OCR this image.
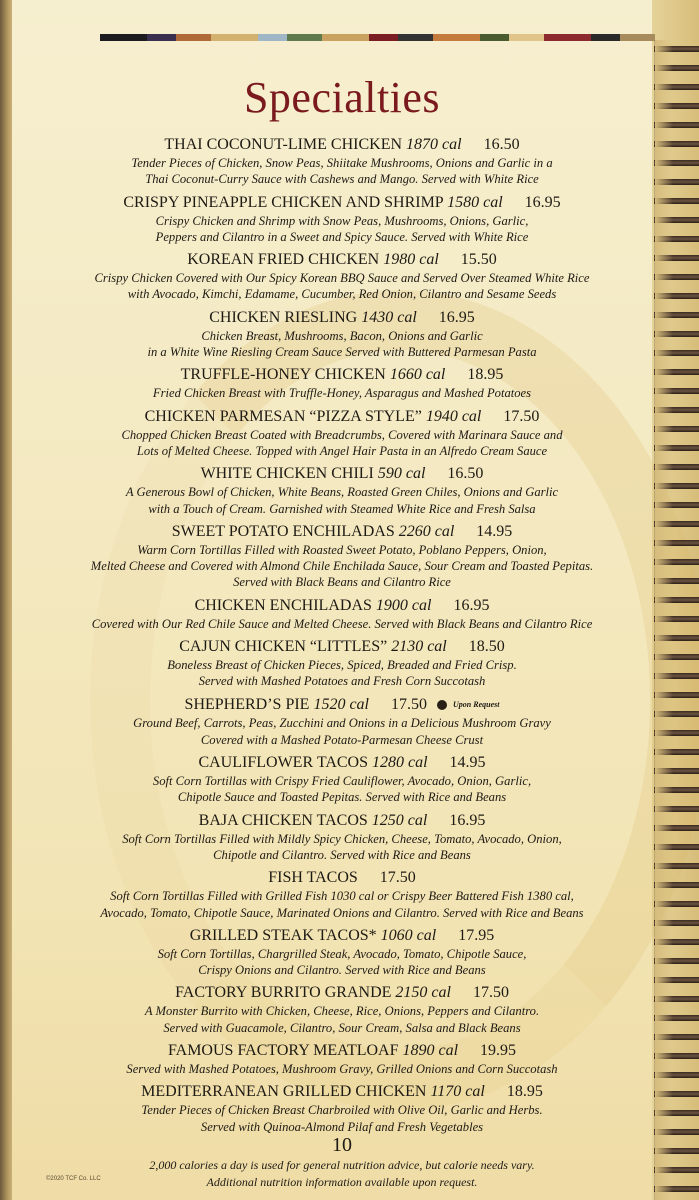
Specialties
THAI COCONUT-LIME CHICKEN 1870 cal 16.50
Tender Pieces of Chicken, Snow Peas, Shiitake Mushrooms, Onions and Garlic in a
Thai Coconut-Curry Sauce with Cashews and Mango. Served with White Rice
CRISPY PINEAPPLE CHICKEN AND SHRIMP 1580 cal 16.95
Crispy Chicken and Shrimp with Snow Peas, Mushrooms, Onions, Garlic,
Peppers and Cilantro in a Sweet and Spicy Sauce. Served with White Rice
KOREAN FRIED CHICKEN 1980 cal 15.50
Crispy Chicken Covered with Our Spicy Korean BBQ Sauce and Served Over Steamed White Rice
with Avocado, Kimchi, Edamame, Cucumber, Red Onion, Cilantro and Sesame Seeds
CHICKEN RIESLING 1430 cal 16.95
Chicken Breast, Mushrooms, Bacon, Onions and Garlic
in a White Wine Riesling Cream Sauce Served with Buttered Parmesan Pasta
TRUFFLE-HONEY CHICKEN 1660 cal 18.95
Fried Chicken Breast with Truffle-Honey, Asparagus and Mashed Potatoes
CHICKEN PARMESAN “PIZZA STYLE” 1940 cal 17.50
Chopped Chicken Breast Coated with Breadcrumbs, Covered with Marinara Sauce and
Lots of Melted Cheese. Topped with Angel Hair Pasta in an Alfredo Cream Sauce
WHITE CHICKEN CHILI 590 cal 16.50
A Generous Bowl of Chicken, White Beans, Roasted Green Chiles, Onions and Garlic
with a Touch of Cream. Garnished with Steamed White Rice and Fresh Salsa
SWEET POTATO ENCHILADAS 2260 cal 14.95
Warm Corn Tortillas Filled with Roasted Sweet Potato, Poblano Peppers, Onion,
Melted Cheese and Covered with Almond Chile Enchilada Sauce, Sour Cream and Toasted Pepitas.
Served with Black Beans and Cilantro Rice
CHICKEN ENCHILADAS 1900 cal 16.95
Covered with Our Red Chile Sauce and Melted Cheese. Served with Black Beans and Cilantro Rice
CAJUN CHICKEN “LITTLES” 2130 cal 18.50
Boneless Breast of Chicken Pieces, Spiced, Breaded and Fried Crisp.
Served with Mashed Potatoes and Fresh Corn Succotash
SHEPHERD’S PIE 1520 cal 17.50	Upon Request
Ground Beef, Carrots, Peas, Zucchini and Onions in a Delicious Mushroom Gravy
Covered with a Mashed Potato-Parmesan Cheese Crust
CAULIFLOWER TACOS 1280 cal 14.95
Soft Corn Tortillas with Crispy Fried Cauliflower, Avocado, Onion, Garlic,
Chipotle Sauce and Toasted Pepitas. Served with Rice and Beans
BAJA CHICKEN TACOS 1250 cal 16.95
Soft Corn Tortillas Filled with Mildly Spicy Chicken, Cheese, Tomato, Avocado, Onion,
Chipotle and Cilantro. Served with Rice and Beans
FISH TACOS 17.50
Soft Corn Tortillas Filled with Grilled Fish 1030 cal or Crispy Beer Battered Fish 1380 cal,
Avocado, Tomato, Chipotle Sauce, Marinated Onions and Cilantro. Served with Rice and Beans
GRILLED STEAK TACOS* 1060 cal 17.95
Soft Corn Tortillas, Chargrilled Steak, Avocado, Tomato, Chipotle Sauce,
Crispy Onions and Cilantro. Served with Rice and Beans
FACTORY BURRITO GRANDE 2150 cal 17.50
A Monster Burrito with Chicken, Cheese, Rice, Onions, Peppers and Cilantro.
Served with Guacamole, Cilantro, Sour Cream, Salsa and Black Beans
FAMOUS FACTORY MEATLOAF 1890 cal 19.95
Served with Mashed Potatoes, Mushroom Gravy, Grilled Onions and Corn Succotash
MEDITERRANEAN GRILLED CHICKEN 1170 cal 18.95
Tender Pieces of Chicken Breast Charbroiled with Olive Oil, Garlic and Herbs.
Served with Quinoa-Almond Pilaf and Fresh Vegetables
10
2,000 calories a day is used for general nutrition advice, but calorie needs vary.
Additional nutrition information available upon request.
©2020 TCF Co. LLC
